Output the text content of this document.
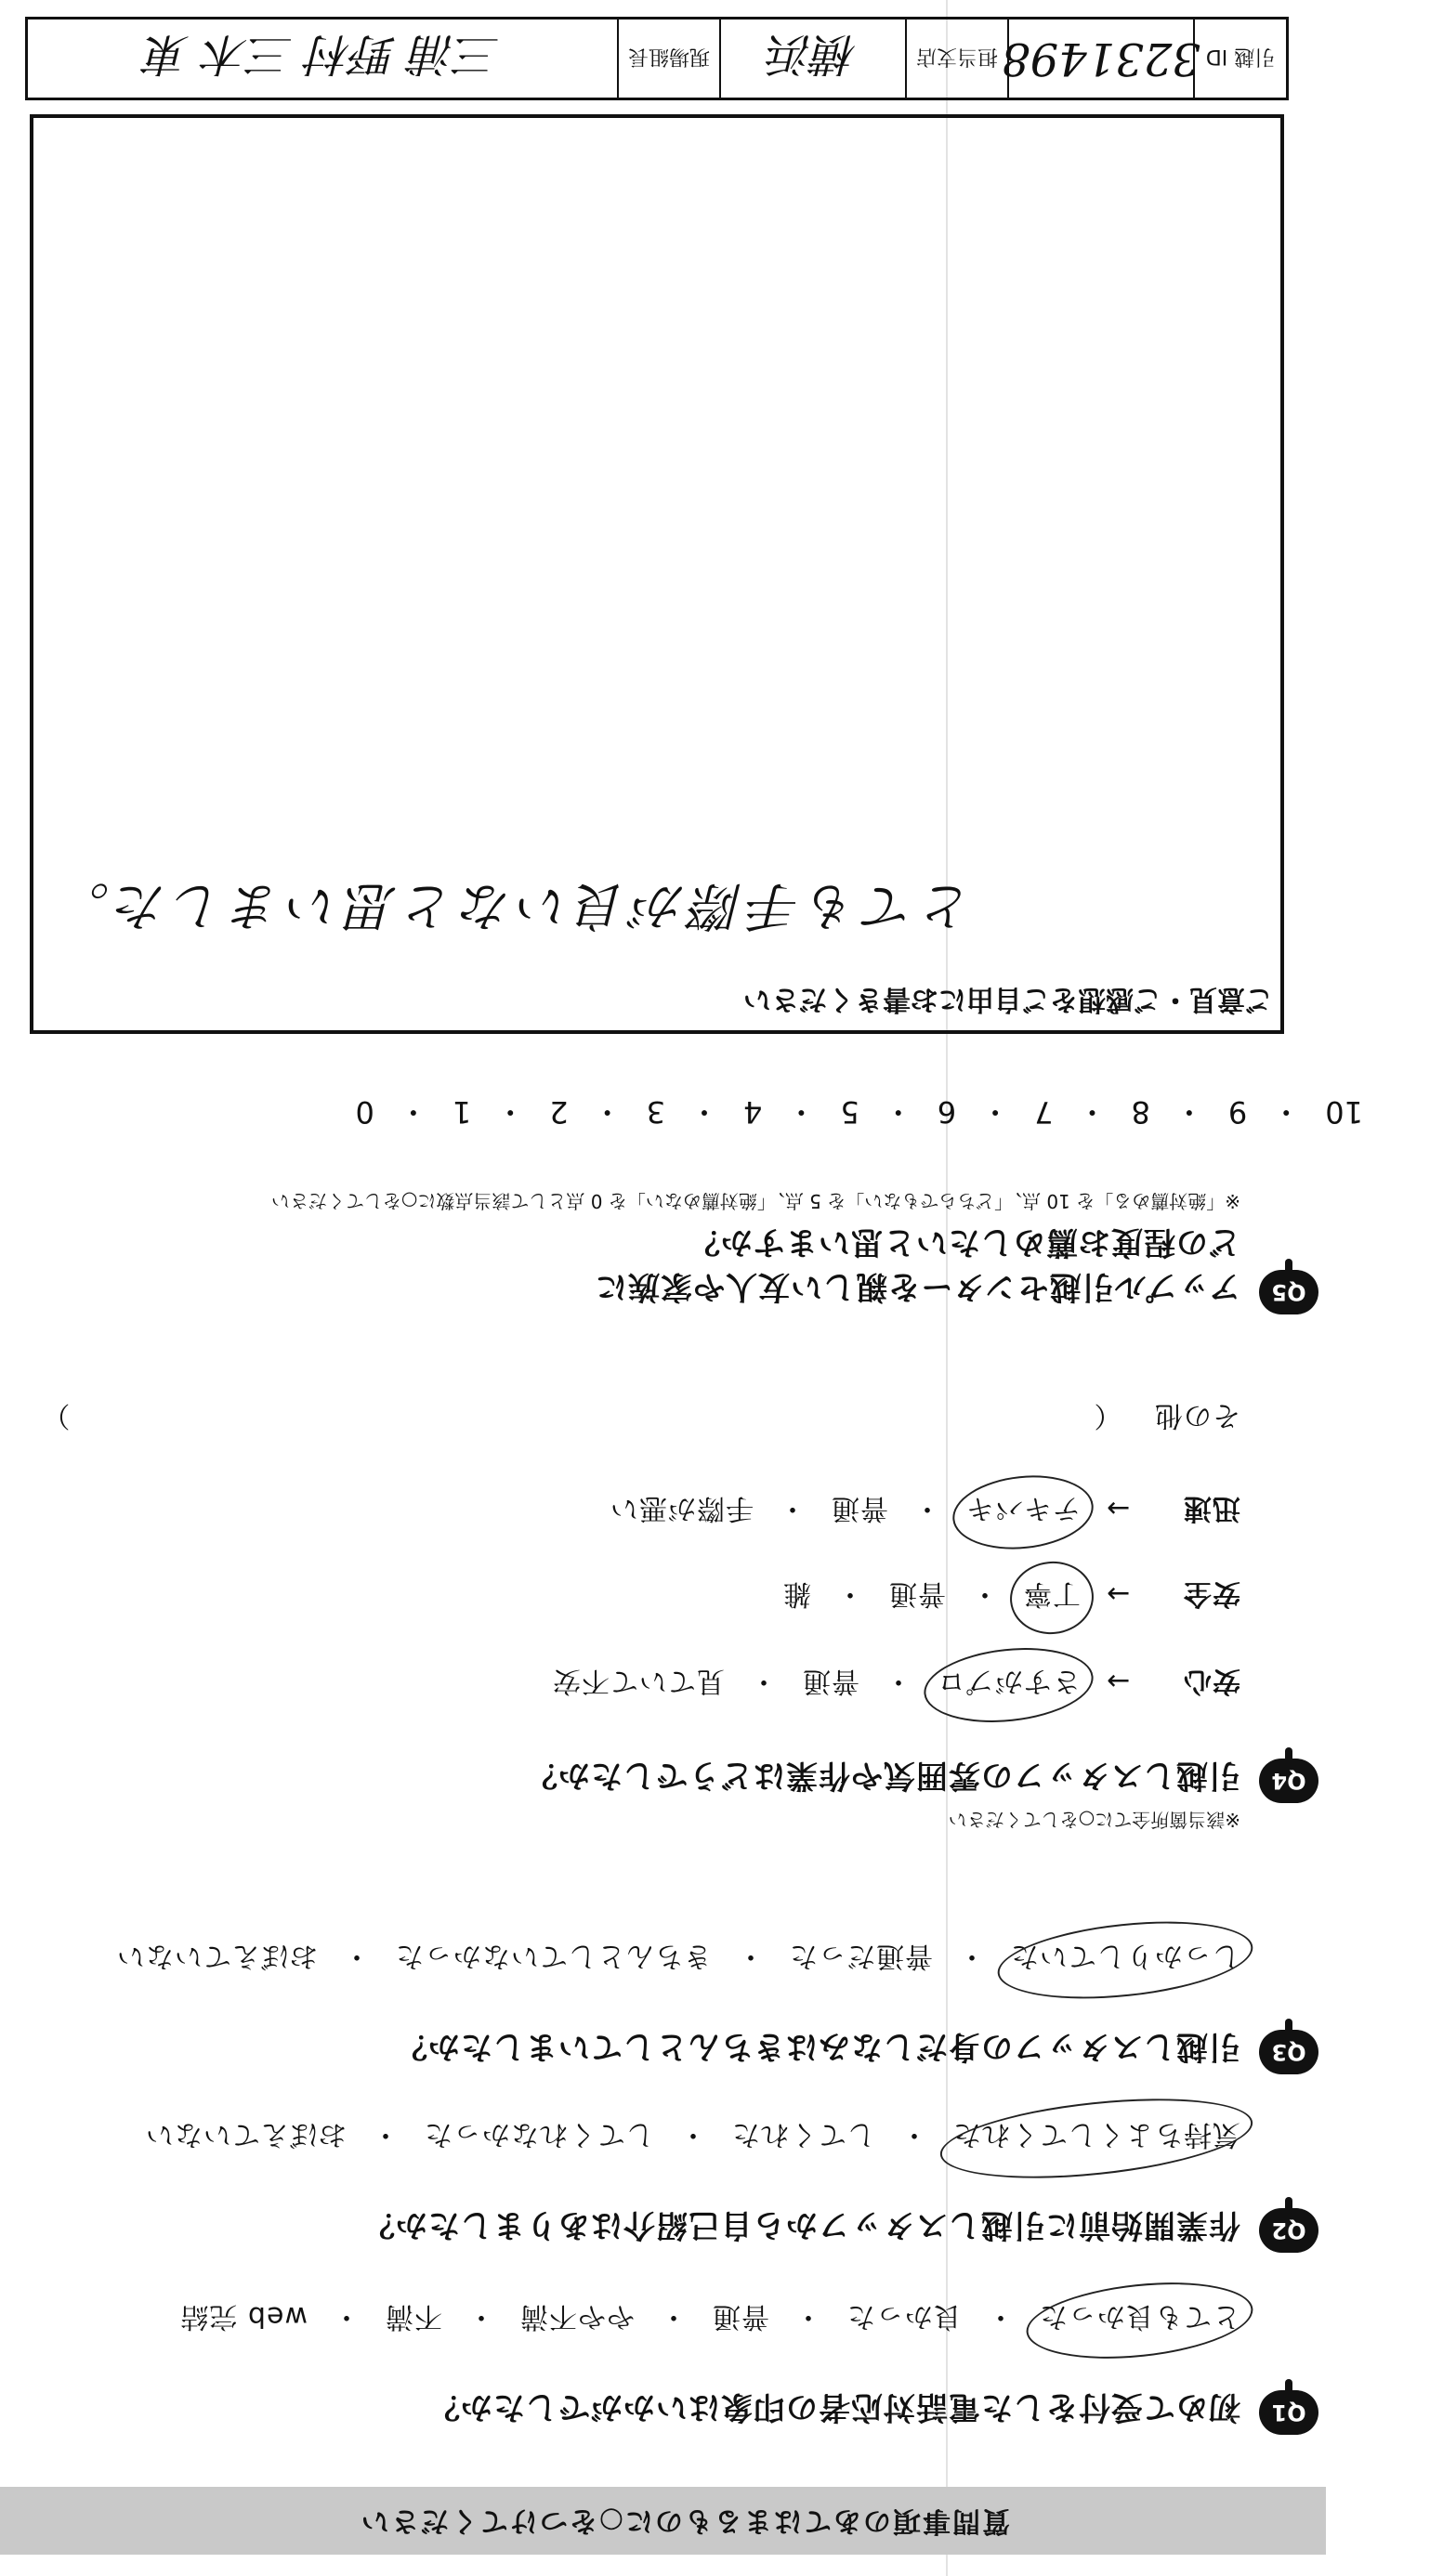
質問事項のあてはまるものに○をつけてください
Q1
初めて受付をした電話対応者の印象はいかがでしたか？
とても良かった・良かった・普通・やや不満・不満・web 完結
Q2
作業開始前に引越しスタッフから自己紹介はありましたか？
気持ちよくしてくれた・してくれた・してくれなかった・おぼえていない
Q3
引越しスタッフの身だしなみはきちんとしていましたか？
しっかりしていた・普通だった・きちんとしていなかった・おぼえていない
Q4
引越しスタッフの雰囲気や作業はどうでしたか？
※該当箇所全てに○をしてください
安心→さすがプロ・普通・見ていて不安
安全→丁寧・普通・雑
迅速→テキパキ・普通・手際が悪い
その他 （  ）
Q5
アップル引越センターを親しい友人や家族に
どの程度お薦めしたいと思いますか？
※「絶対薦める」を 10 点、「どちらでもない」を 5 点、「絶対薦めない」を 0 点として該当点数に○をしてください
10・9・8・7・6・5・4・3・2・1・0
ご意見・ご感想をご自由にお書きください
とても手際が良いなと思いました。
引越 ID
3231498
担当支店
横浜
現場組長
三浦 野村 三木 東
